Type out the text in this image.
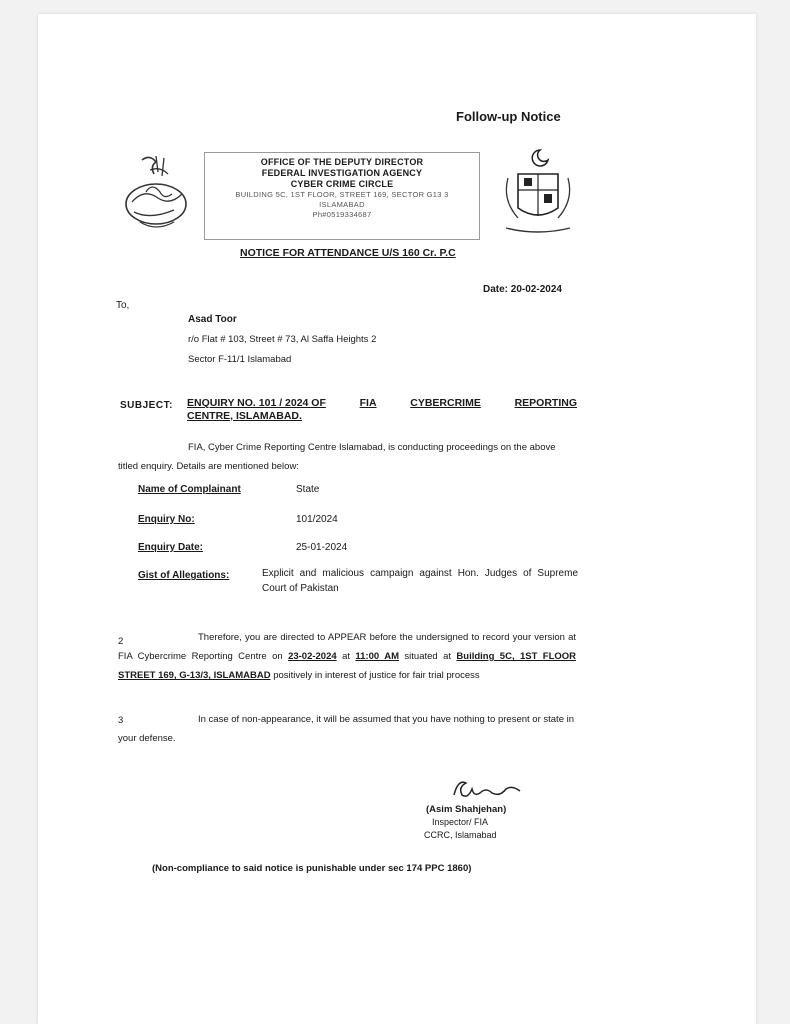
Follow-up Notice
OFFICE OF THE DEPUTY DIRECTOR
FEDERAL INVESTIGATION AGENCY
CYBER CRIME CIRCLE
BUILDING 5C, 1ST FLOOR, STREET 169, SECTOR G13 3
ISLAMABAD
Ph#0519334687
NOTICE FOR ATTENDANCE U/S 160 Cr. P.C
Date: 20-02-2024
To,
Asad Toor
r/o Flat # 103, Street # 73, Al Saffa Heights 2
Sector F-11/1 Islamabad
SUBJECT: ENQUIRY NO. 101 / 2024 OF	FIA	CYBERCRIME	REPORTING
CENTRE, ISLAMABAD.
FIA, Cyber Crime Reporting Centre Islamabad, is conducting proceedings on the above titled enquiry. Details are mentioned below:
Name of Complainant	State
Enquiry No:	101/2024
Enquiry Date:	25-01-2024
Gist of Allegations:	Explicit and malicious campaign against Hon. Judges of Supreme Court of Pakistan
2	Therefore, you are directed to APPEAR before the undersigned to record your version at FIA Cybercrime Reporting Centre on 23-02-2024 at 11:00 AM situated at Building 5C, 1ST FLOOR STREET 169, G-13/3, ISLAMABAD positively in interest of justice for fair trial process
3	In case of non-appearance, it will be assumed that you have nothing to present or state in your defense.
(Asim Shahjehan)
Inspector/ FIA
CCRC, Islamabad
(Non-compliance to said notice is punishable under sec 174 PPC 1860)
